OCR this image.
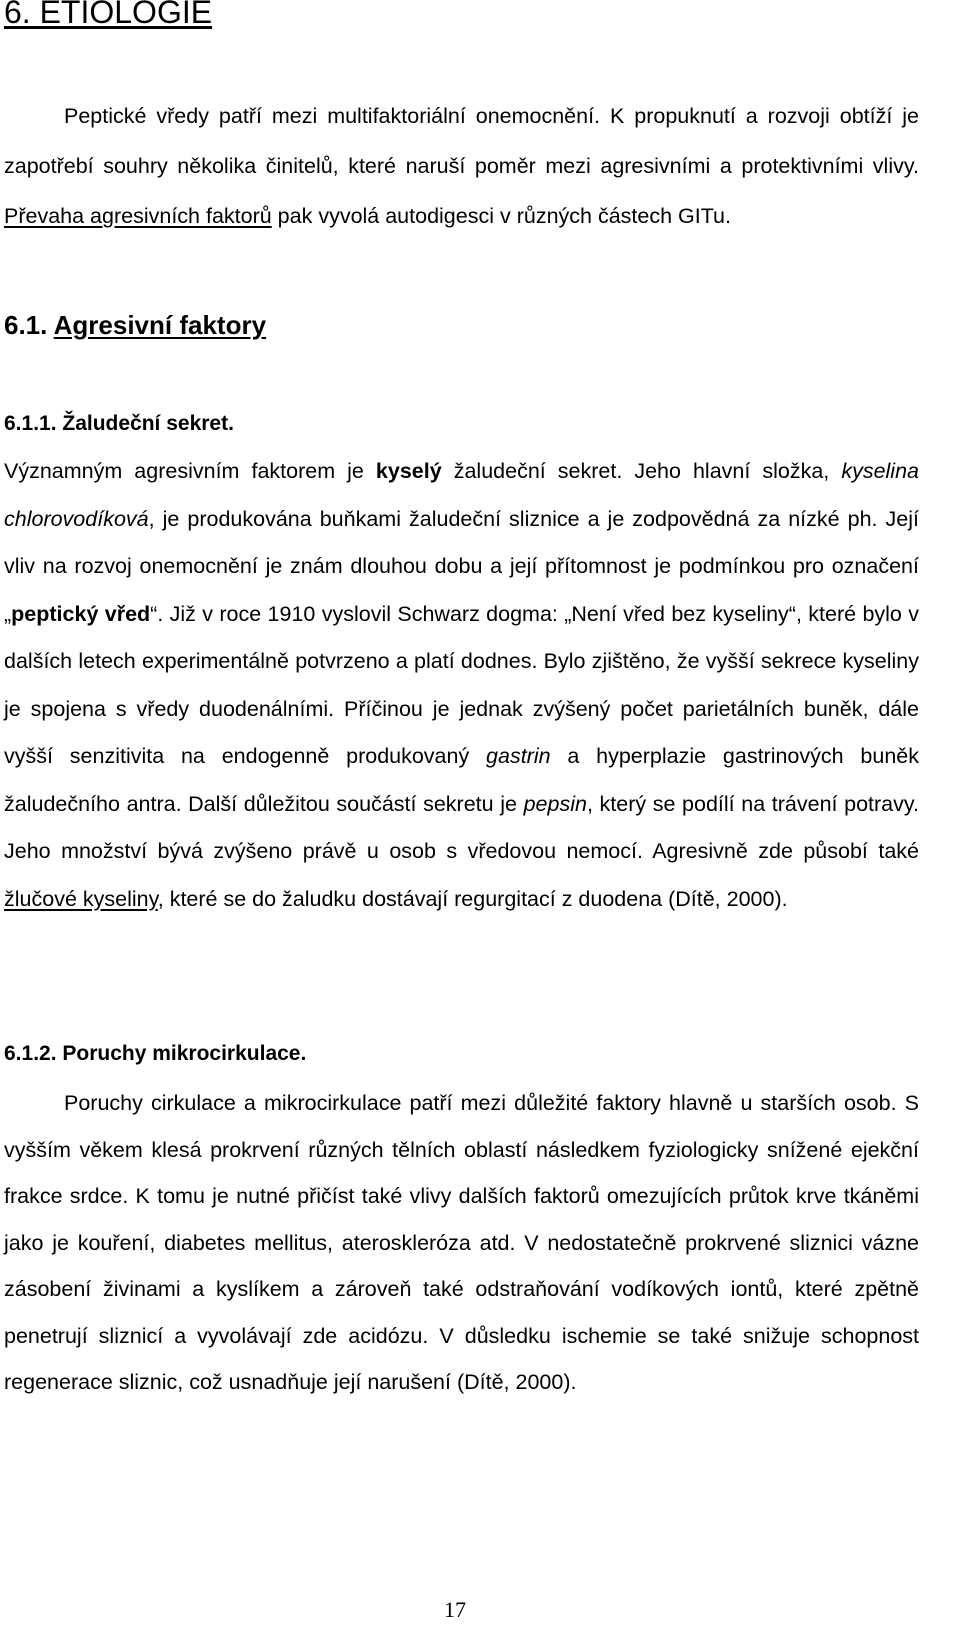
6. ETIOLOGIE

Peptické vředy patří mezi multifaktoriální onemocnění. K propuknutí a rozvoji obtíží je zapotřebí souhry několika činitelů, které naruší poměr mezi agresivními a protektivními vlivy. Převaha agresivních faktorů pak vyvolá autodigesci v různých částech GITu.

6.1. Agresivní faktory
6.1.1. Žaludeční sekret.

Významným agresivním faktorem je kyselý žaludeční sekret. Jeho hlavní složka, kyselina chlorovodíková, je produkována buňkami žaludeční sliznice a je zodpovědná za nízké ph. Její vliv na rozvoj onemocnění je znám dlouhou dobu a její přítomnost je podmínkou pro označení „peptický vřed“. Již v roce 1910 vyslovil Schwarz dogma: „Není vřed bez kyseliny“, které bylo v dalších letech experimentálně potvrzeno a platí dodnes. Bylo zjištěno, že vyšší sekrece kyseliny je spojena s vředy duodenálními. Příčinou je jednak zvýšený počet parietálních buněk, dále vyšší senzitivita na endogenně produkovaný gastrin a hyperplazie gastrinových buněk žaludečního antra. Další důležitou součástí sekretu je pepsin, který se podílí na trávení potravy. Jeho množství bývá zvýšeno právě u osob s vředovou nemocí. Agresivně zde působí také žlučové kyseliny, které se do žaludku dostávají regurgitací z duodena (Dítě, 2000).

6.1.2. Poruchy mikrocirkulace.

Poruchy cirkulace a mikrocirkulace patří mezi důležité faktory hlavně u starších osob. S vyšším věkem klesá prokrvení různých tělních oblastí následkem fyziologicky snížené ejekční frakce srdce. K tomu je nutné přičíst také vlivy dalších faktorů omezujících průtok krve tkáněmi jako je kouření, diabetes mellitus, ateroskleróza atd. V nedostatečně prokrvené sliznici vázne zásobení živinami a kyslíkem a zároveň také odstraňování vodíkových iontů, které zpětně penetrují sliznicí a vyvolávají zde acidózu. V důsledku ischemie se také snižuje schopnost regenerace sliznic, což usnadňuje její narušení (Dítě, 2000).

17
